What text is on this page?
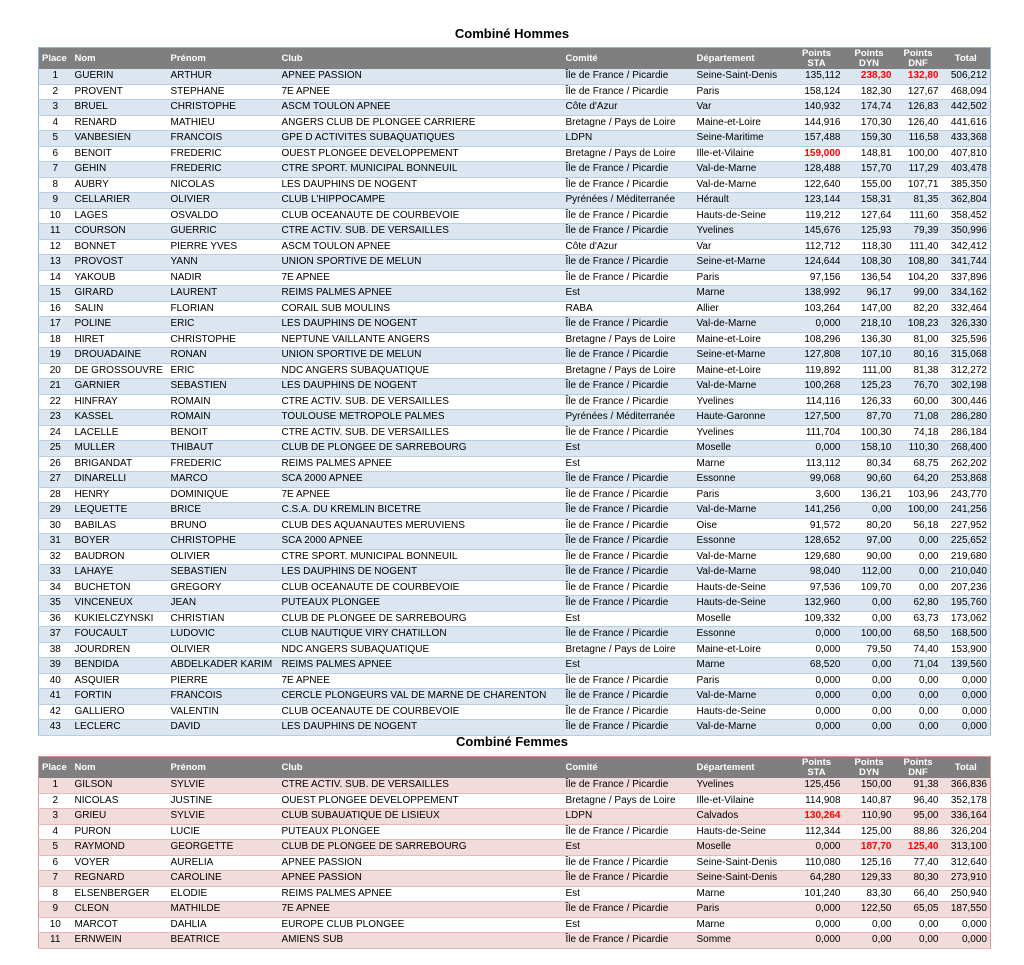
Combiné Hommes
Place	Nom	Prénom	Club	Comité	Département	Points STA	Points DYN	Points DNF	Total
1	GUERIN	ARTHUR	APNEE PASSION	Île de France / Picardie	Seine-Saint-Denis	135,112	238,30	132,80	506,212
2	PROVENT	STEPHANE	7E APNEE	Île de France / Picardie	Paris	158,124	182,30	127,67	468,094
3	BRUEL	CHRISTOPHE	ASCM TOULON APNEE	Côte d'Azur	Var	140,932	174,74	126,83	442,502
4	RENARD	MATHIEU	ANGERS CLUB DE PLONGEE CARRIERE	Bretagne / Pays de Loire	Maine-et-Loire	144,916	170,30	126,40	441,616
5	VANBESIEN	FRANCOIS	GPE D ACTIVITES SUBAQUATIQUES	LDPN	Seine-Maritime	157,488	159,30	116,58	433,368
6	BENOIT	FREDERIC	OUEST PLONGEE DEVELOPPEMENT	Bretagne / Pays de Loire	Ille-et-Vilaine	159,000	148,81	100,00	407,810
7	GEHIN	FREDERIC	CTRE SPORT. MUNICIPAL BONNEUIL	Île de France / Picardie	Val-de-Marne	128,488	157,70	117,29	403,478
8	AUBRY	NICOLAS	LES DAUPHINS DE NOGENT	Île de France / Picardie	Val-de-Marne	122,640	155,00	107,71	385,350
9	CELLARIER	OLIVIER	CLUB L'HIPPOCAMPE	Pyrénées / Méditerranée	Hérault	123,144	158,31	81,35	362,804
10	LAGES	OSVALDO	CLUB OCEANAUTE DE COURBEVOIE	Île de France / Picardie	Hauts-de-Seine	119,212	127,64	111,60	358,452
11	COURSON	GUERRIC	CTRE ACTIV. SUB. DE VERSAILLES	Île de France / Picardie	Yvelines	145,676	125,93	79,39	350,996
12	BONNET	PIERRE YVES	ASCM TOULON APNEE	Côte d'Azur	Var	112,712	118,30	111,40	342,412
13	PROVOST	YANN	UNION SPORTIVE DE MELUN	Île de France / Picardie	Seine-et-Marne	124,644	108,30	108,80	341,744
14	YAKOUB	NADIR	7E APNEE	Île de France / Picardie	Paris	97,156	136,54	104,20	337,896
15	GIRARD	LAURENT	REIMS PALMES APNEE	Est	Marne	138,992	96,17	99,00	334,162
16	SALIN	FLORIAN	CORAIL SUB MOULINS	RABA	Allier	103,264	147,00	82,20	332,464
17	POLINE	ERIC	LES DAUPHINS DE NOGENT	Île de France / Picardie	Val-de-Marne	0,000	218,10	108,23	326,330
18	HIRET	CHRISTOPHE	NEPTUNE VAILLANTE ANGERS	Bretagne / Pays de Loire	Maine-et-Loire	108,296	136,30	81,00	325,596
19	DROUADAINE	RONAN	UNION SPORTIVE DE MELUN	Île de France / Picardie	Seine-et-Marne	127,808	107,10	80,16	315,068
20	DE GROSSOUVRE	ERIC	NDC ANGERS SUBAQUATIQUE	Bretagne / Pays de Loire	Maine-et-Loire	119,892	111,00	81,38	312,272
21	GARNIER	SEBASTIEN	LES DAUPHINS DE NOGENT	Île de France / Picardie	Val-de-Marne	100,268	125,23	76,70	302,198
22	HINFRAY	ROMAIN	CTRE ACTIV. SUB. DE VERSAILLES	Île de France / Picardie	Yvelines	114,116	126,33	60,00	300,446
23	KASSEL	ROMAIN	TOULOUSE METROPOLE PALMES	Pyrénées / Méditerranée	Haute-Garonne	127,500	87,70	71,08	286,280
24	LACELLE	BENOIT	CTRE ACTIV. SUB. DE VERSAILLES	Île de France / Picardie	Yvelines	111,704	100,30	74,18	286,184
25	MULLER	THIBAUT	CLUB DE PLONGEE DE SARREBOURG	Est	Moselle	0,000	158,10	110,30	268,400
26	BRIGANDAT	FREDERIC	REIMS PALMES APNEE	Est	Marne	113,112	80,34	68,75	262,202
27	DINARELLI	MARCO	SCA 2000 APNEE	Île de France / Picardie	Essonne	99,068	90,60	64,20	253,868
28	HENRY	DOMINIQUE	7E APNEE	Île de France / Picardie	Paris	3,600	136,21	103,96	243,770
29	LEQUETTE	BRICE	C.S.A. DU KREMLIN BICETRE	Île de France / Picardie	Val-de-Marne	141,256	0,00	100,00	241,256
30	BABILAS	BRUNO	CLUB DES AQUANAUTES MERUVIENS	Île de France / Picardie	Oise	91,572	80,20	56,18	227,952
31	BOYER	CHRISTOPHE	SCA 2000 APNEE	Île de France / Picardie	Essonne	128,652	97,00	0,00	225,652
32	BAUDRON	OLIVIER	CTRE SPORT. MUNICIPAL BONNEUIL	Île de France / Picardie	Val-de-Marne	129,680	90,00	0,00	219,680
33	LAHAYE	SEBASTIEN	LES DAUPHINS DE NOGENT	Île de France / Picardie	Val-de-Marne	98,040	112,00	0,00	210,040
34	BUCHETON	GREGORY	CLUB OCEANAUTE DE COURBEVOIE	Île de France / Picardie	Hauts-de-Seine	97,536	109,70	0,00	207,236
35	VINCENEUX	JEAN	PUTEAUX PLONGEE	Île de France / Picardie	Hauts-de-Seine	132,960	0,00	62,80	195,760
36	KUKIELCZYNSKI	CHRISTIAN	CLUB DE PLONGEE DE SARREBOURG	Est	Moselle	109,332	0,00	63,73	173,062
37	FOUCAULT	LUDOVIC	CLUB NAUTIQUE VIRY CHATILLON	Île de France / Picardie	Essonne	0,000	100,00	68,50	168,500
38	JOURDREN	OLIVIER	NDC ANGERS SUBAQUATIQUE	Bretagne / Pays de Loire	Maine-et-Loire	0,000	79,50	74,40	153,900
39	BENDIDA	ABDELKADER KARIM	REIMS PALMES APNEE	Est	Marne	68,520	0,00	71,04	139,560
40	ASQUIER	PIERRE	7E APNEE	Île de France / Picardie	Paris	0,000	0,00	0,00	0,000
41	FORTIN	FRANCOIS	CERCLE PLONGEURS VAL DE MARNE DE CHARENTON	Île de France / Picardie	Val-de-Marne	0,000	0,00	0,00	0,000
42	GALLIERO	VALENTIN	CLUB OCEANAUTE DE COURBEVOIE	Île de France / Picardie	Hauts-de-Seine	0,000	0,00	0,00	0,000
43	LECLERC	DAVID	LES DAUPHINS DE NOGENT	Île de France / Picardie	Val-de-Marne	0,000	0,00	0,00	0,000
Combiné Femmes
Place	Nom	Prénom	Club	Comité	Département	Points STA	Points DYN	Points DNF	Total
1	GILSON	SYLVIE	CTRE ACTIV. SUB. DE VERSAILLES	Île de France / Picardie	Yvelines	125,456	150,00	91,38	366,836
2	NICOLAS	JUSTINE	OUEST PLONGEE DEVELOPPEMENT	Bretagne / Pays de Loire	Ille-et-Vilaine	114,908	140,87	96,40	352,178
3	GRIEU	SYLVIE	CLUB SUBAUATIQUE DE LISIEUX	LDPN	Calvados	130,264	110,90	95,00	336,164
4	PURON	LUCIE	PUTEAUX PLONGEE	Île de France / Picardie	Hauts-de-Seine	112,344	125,00	88,86	326,204
5	RAYMOND	GEORGETTE	CLUB DE PLONGEE DE SARREBOURG	Est	Moselle	0,000	187,70	125,40	313,100
6	VOYER	AURELIA	APNEE PASSION	Île de France / Picardie	Seine-Saint-Denis	110,080	125,16	77,40	312,640
7	REGNARD	CAROLINE	APNEE PASSION	Île de France / Picardie	Seine-Saint-Denis	64,280	129,33	80,30	273,910
8	ELSENBERGER	ELODIE	REIMS PALMES APNEE	Est	Marne	101,240	83,30	66,40	250,940
9	CLEON	MATHILDE	7E APNEE	Île de France / Picardie	Paris	0,000	122,50	65,05	187,550
10	MARCOT	DAHLIA	EUROPE CLUB PLONGEE	Est	Marne	0,000	0,00	0,00	0,000
11	ERNWEIN	BEATRICE	AMIENS SUB	Île de France / Picardie	Somme	0,000	0,00	0,00	0,000
